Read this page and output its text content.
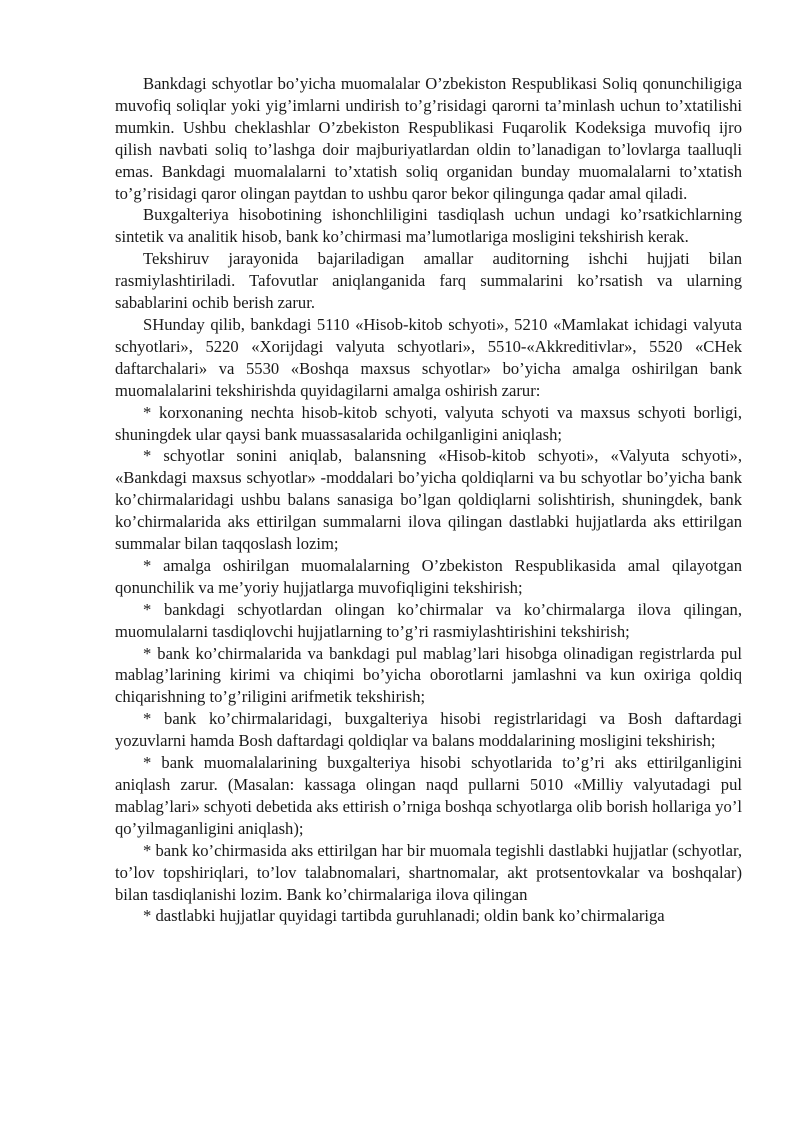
Bankdagi schyotlar bo’yicha muomalalar O’zbekiston Respublikasi Soliq qonunchiligiga muvofiq soliqlar yoki yig’imlarni undirish to’g’risidagi qarorni ta’minlash uchun to’xtatilishi mumkin. Ushbu cheklashlar O’zbekiston Respublikasi Fuqarolik Kodeksiga muvofiq ijro qilish navbati soliq to’lashga doir majburiyatlardan oldin to’lanadigan to’lovlarga taalluqli emas. Bankdagi muomalalarni to’xtatish soliq organidan bunday muomalalarni to’xtatish to’g’risidagi qaror olingan paytdan to ushbu qaror bekor qilingunga qadar amal qiladi.

Buxgalteriya hisobotining ishonchliligini tasdiqlash uchun undagi ko’rsatkichlarning sintetik va analitik hisob, bank ko’chirmasi ma’lumotlariga mosligini tekshirish kerak.

Tekshiruv jarayonida bajariladigan amallar auditorning ishchi hujjati bilan rasmiylashtiriladi. Tafovutlar aniqlanganida farq summalarini ko’rsatish va ularning sabablarini ochib berish zarur.

SHunday qilib, bankdagi 5110 «Hisob-kitob schyoti», 5210 «Mamlakat ichidagi valyuta schyotlari», 5220 «Xorijdagi valyuta schyotlari», 5510-«Akkreditivlar», 5520 «CHek daftarchalari» va 5530 «Boshqa maxsus schyotlar» bo’yicha amalga oshirilgan bank muomalalarini tekshirishda quyidagilarni amalga oshirish zarur:

* korxonaning nechta hisob-kitob schyoti, valyuta schyoti va maxsus schyoti borligi, shuningdek ular qaysi bank muassasalarida ochilganligini aniqlash;

* schyotlar sonini aniqlab, balansning «Hisob-kitob schyoti», «Valyuta schyoti», «Bankdagi maxsus schyotlar» -moddalari bo’yicha qoldiqlarni va bu schyotlar bo’yicha bank ko’chirmalaridagi ushbu balans sanasiga bo’lgan qoldiqlarni solishtirish, shuningdek, bank ko’chirmalarida aks ettirilgan summalarni ilova qilingan dastlabki hujjatlarda aks ettirilgan summalar bilan taqqoslash lozim;

* amalga oshirilgan muomalalarning O’zbekiston Respublikasida amal qilayotgan qonunchilik va me’yoriy hujjatlarga muvofiqligini tekshirish;

* bankdagi schyotlardan olingan ko’chirmalar va ko’chirmalarga ilova qilingan, muomulalarni tasdiqlovchi hujjatlarning to’g’ri rasmiylashtirishini tekshirish;

* bank ko’chirmalarida va bankdagi pul mablag’lari hisobga olinadigan registrlarda pul mablag’larining kirimi va chiqimi bo’yicha oborotlarni jamlashni va kun oxiriga qoldiq chiqarishning to’g’riligini arifmetik tekshirish;

* bank ko’chirmalaridagi, buxgalteriya hisobi registrlaridagi va Bosh daftardagi yozuvlarni hamda Bosh daftardagi qoldiqlar va balans moddalarining mosligini tekshirish;

* bank muomalalarining buxgalteriya hisobi schyotlarida to’g’ri aks ettirilganligini aniqlash zarur. (Masalan: kassaga olingan naqd pullarni 5010 «Milliy valyutadagi pul mablag’lari» schyoti debetida aks ettirish o’rniga boshqa schyotlarga olib borish hollariga yo’l qo’yilmaganligini aniqlash);

* bank ko’chirmasida aks ettirilgan har bir muomala tegishli dastlabki hujjatlar (schyotlar, to’lov topshiriqlari, to’lov talabnomalari, shartnomalar, akt protsentovkalar va boshqalar) bilan tasdiqlanishi lozim. Bank ko’chirmalariga ilova qilingan

* dastlabki hujjatlar quyidagi tartibda guruhlanadi; oldin bank ko’chirmalariga
